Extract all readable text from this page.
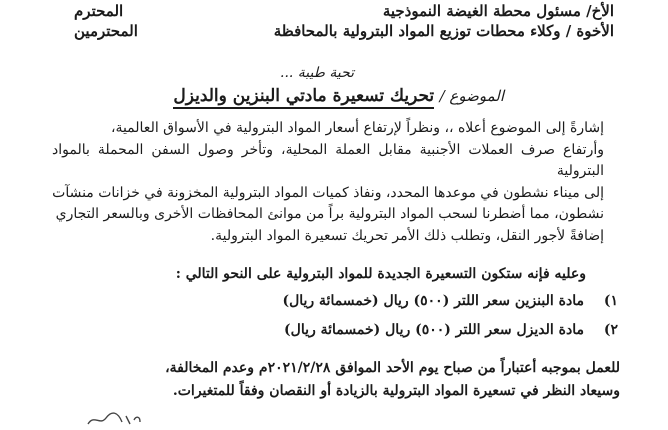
الأخ/ مسئول محطة الغيضة النموذجية
الأخوة / وكلاء محطات توزيع المواد البترولية بالمحافظة
المحترم
المحترمين
تحية طيبة ...
الموضوع / تحريك تسعيرة مادتي البنزين والديزل

إشارةً إلى الموضوع أعلاه ،، ونظراً لإرتفاع أسعار المواد البترولية في الأسواق العالمية،

وأرتفاع صرف العملات الأجنبية مقابل العملة المحلية، وتأخر وصول السفن المحملة بالمواد البترولية

إلى ميناء نشطون في موعدها المحدد، ونفاذ كميات المواد البترولية المخزونة في خزانات منشآت

نشطون، مما أضطرنا لسحب المواد البترولية براً من موانئ المحافظات الأخرى وبالسعر التجاري

إضافةً لأجور النقل، وتطلب ذلك الأمر تحريك تسعيرة المواد البترولية.

وعليه فإنه ستكون التسعيرة الجديدة للمواد البترولية على النحو التالي :
١)
مادة البنزين سعر اللتر (٥٠٠) ريال (خمسمائة ريال)
٢)
مادة الديزل سعر اللتر (٥٠٠) ريال (خمسمائة ريال)
للعمل بموجبه أعتباراً من صباح يوم الأحد الموافق ٢٠٢١/٢/٢٨م وعدم المخالفة،
وسيعاد النظر في تسعيرة المواد البترولية بالزيادة أو النقصان وفقاً للمتغيرات.
